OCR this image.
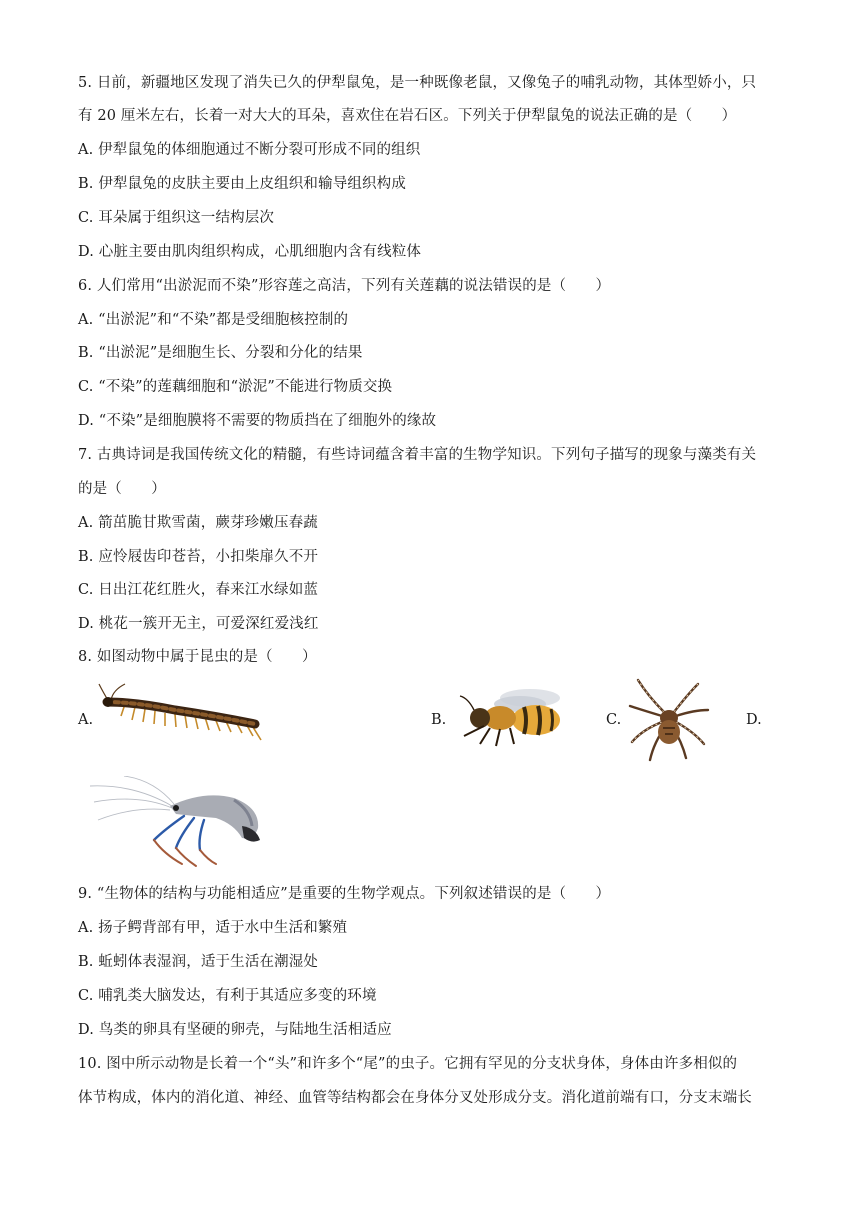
5. 日前，新疆地区发现了消失已久的伊犁鼠兔，是一种既像老鼠，又像兔子的哺乳动物，其体型娇小，只
有 20 厘米左右，长着一对大大的耳朵，喜欢住在岩石区。下列关于伊犁鼠兔的说法正确的是（　　）
A. 伊犁鼠兔的体细胞通过不断分裂可形成不同的组织
B. 伊犁鼠兔的皮肤主要由上皮组织和输导组织构成
C. 耳朵属于组织这一结构层次
D. 心脏主要由肌肉组织构成，心肌细胞内含有线粒体
6. 人们常用“出淤泥而不染”形容莲之高洁，下列有关莲藕的说法错误的是（　　）
A. “出淤泥”和“不染”都是受细胞核控制的
B. “出淤泥”是细胞生长、分裂和分化的结果
C. “不染”的莲藕细胞和“淤泥”不能进行物质交换
D. “不染”是细胞膜将不需要的物质挡在了细胞外的缘故
7. 古典诗词是我国传统文化的精髓，有些诗词蕴含着丰富的生物学知识。下列句子描写的现象与藻类有关
的是（　　）
A. 箭茁脆甘欺雪菌，蕨芽珍嫩压春蔬
B. 应怜屐齿印苍苔，小扣柴扉久不开
C. 日出江花红胜火，春来江水绿如蓝
D. 桃花一簇开无主，可爱深红爱浅红
8. 如图动物中属于昆虫的是（　　）
A.	B.	C.	D.
9. “生物体的结构与功能相适应”是重要的生物学观点。下列叙述错误的是（　　）
A. 扬子鳄背部有甲，适于水中生活和繁殖
B. 蚯蚓体表湿润，适于生活在潮湿处
C. 哺乳类大脑发达，有利于其适应多变的环境
D. 鸟类的卵具有坚硬的卵壳，与陆地生活相适应
10. 图中所示动物是长着一个“头”和许多个“尾”的虫子。它拥有罕见的分支状身体，身体由许多相似的
体节构成，体内的消化道、神经、血管等结构都会在身体分叉处形成分支。消化道前端有口，分支末端长
